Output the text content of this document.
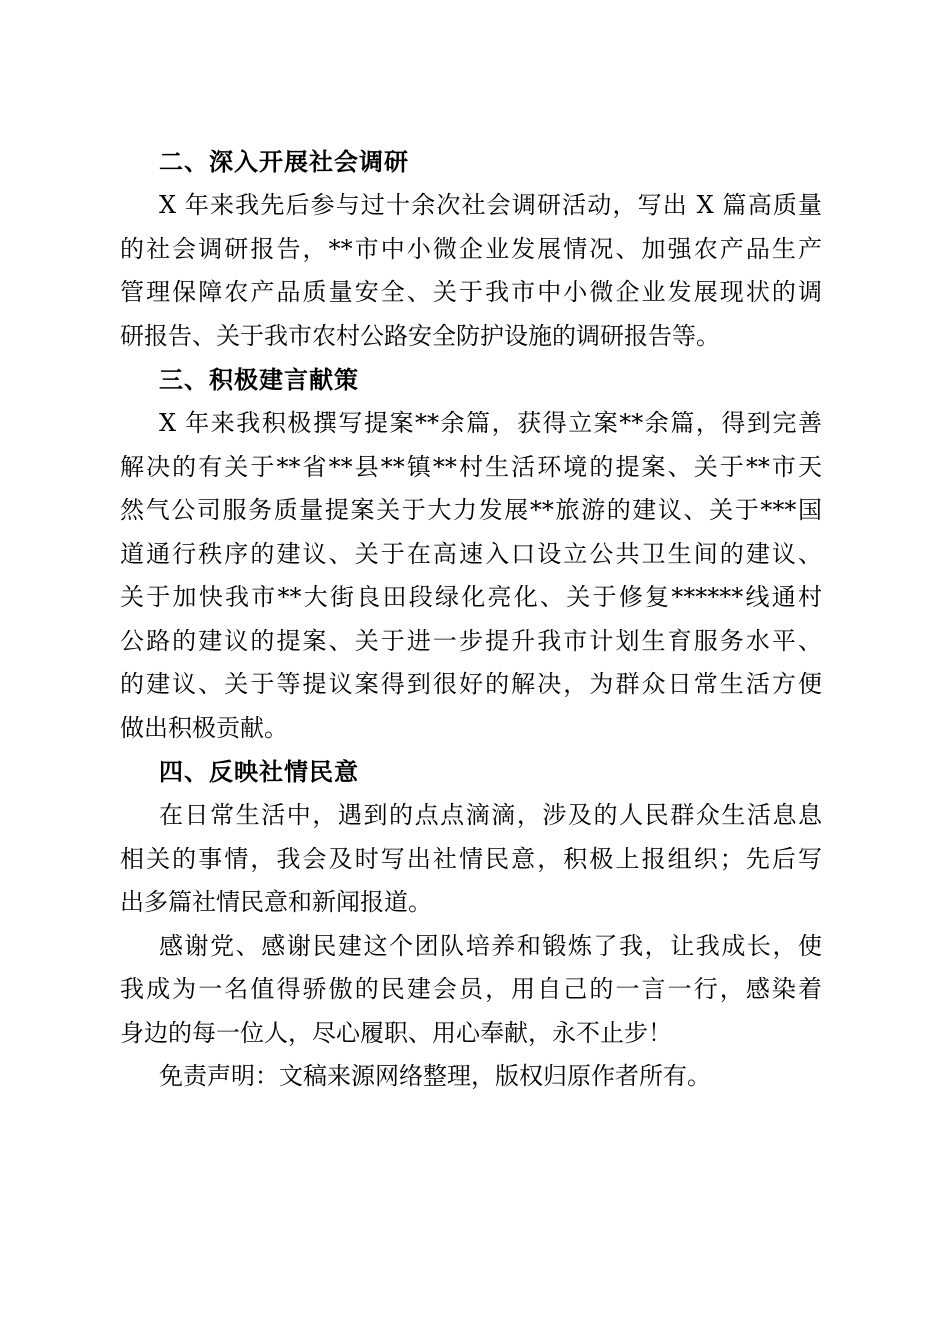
二、深入开展社会调研

X 年来我先后参与过十余次社会调研活动，写出 X 篇高质量
的社会调研报告，**市中小微企业发展情况、加强农产品生产
管理保障农产品质量安全、关于我市中小微企业发展现状的调
研报告、关于我市农村公路安全防护设施的调研报告等。

三、积极建言献策

X 年来我积极撰写提案**余篇，获得立案**余篇，得到完善
解决的有关于**省**县**镇**村生活环境的提案、关于**市天
然气公司服务质量提案关于大力发展**旅游的建议、关于***国
道通行秩序的建议、关于在高速入口设立公共卫生间的建议、
关于加快我市**大街良田段绿化亮化、关于修复******线通村
公路的建议的提案、关于进一步提升我市计划生育服务水平、
的建议、关于等提议案得到很好的解决，为群众日常生活方便
做出积极贡献。

四、反映社情民意

在日常生活中，遇到的点点滴滴，涉及的人民群众生活息息
相关的事情，我会及时写出社情民意，积极上报组织；先后写
出多篇社情民意和新闻报道。

感谢党、感谢民建这个团队培养和锻炼了我，让我成长，使
我成为一名值得骄傲的民建会员，用自己的一言一行，感染着
身边的每一位人，尽心履职、用心奉献，永不止步！

免责声明：文稿来源网络整理，版权归原作者所有。
